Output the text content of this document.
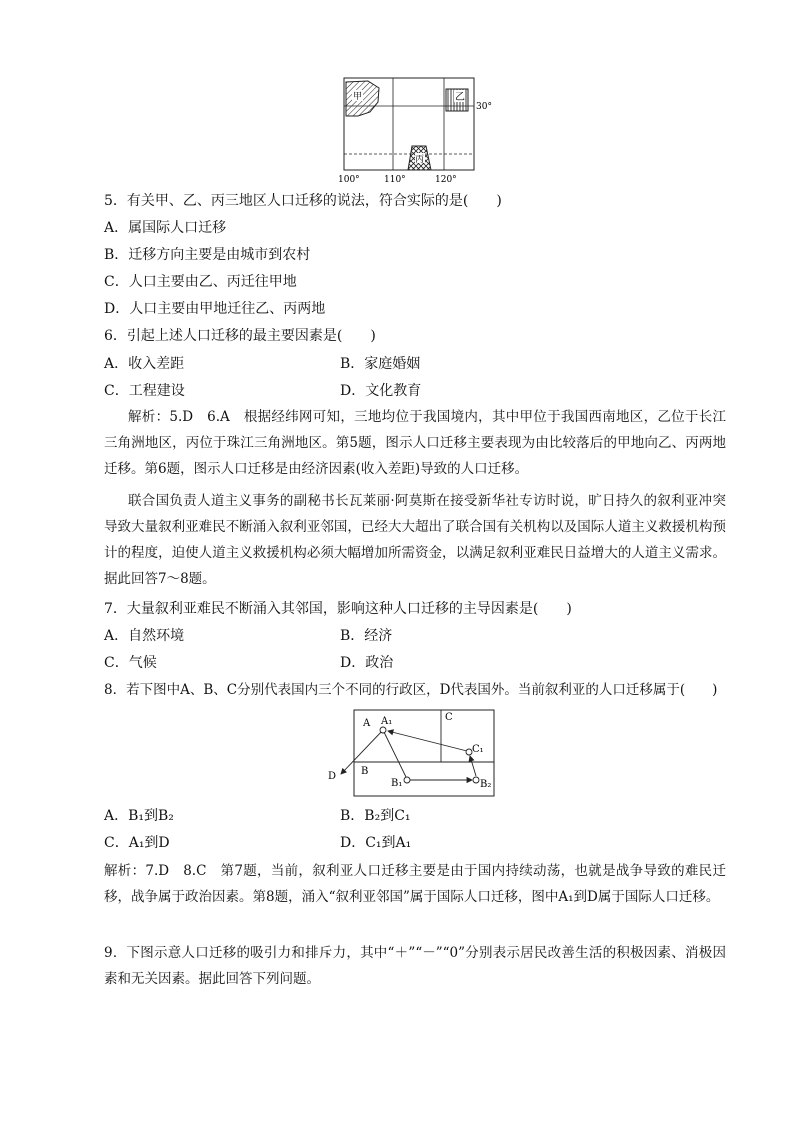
甲	乙
30°
丙
100°	110°	120°
5．有关甲、乙、丙三地区人口迁移的说法，符合实际的是(　　)
A．属国际人口迁移
B．迁移方向主要是由城市到农村
C．人口主要由乙、丙迁往甲地
D．人口主要由甲地迁往乙、丙两地
6．引起上述人口迁移的最主要因素是(　　)
A．收入差距	B．家庭婚姻
C．工程建设	D．文化教育
解析：5.D　6.A　根据经纬网可知，三地均位于我国境内，其中甲位于我国西南地区，乙位于长江三角洲地区，丙位于珠江三角洲地区。第5题，图示人口迁移主要表现为由比较落后的甲地向乙、丙两地迁移。第6题，图示人口迁移是由经济因素(收入差距)导致的人口迁移。
联合国负责人道主义事务的副秘书长瓦莱丽·阿莫斯在接受新华社专访时说，旷日持久的叙利亚冲突导致大量叙利亚难民不断涌入叙利亚邻国，已经大大超出了联合国有关机构以及国际人道主义救援机构预计的程度，迫使人道主义救援机构必须大幅增加所需资金，以满足叙利亚难民日益增大的人道主义需求。据此回答7～8题。
7．大量叙利亚难民不断涌入其邻国，影响这种人口迁移的主导因素是(　　)
A．自然环境	B．经济
C．气候	D．政治
8．若下图中A、B、C分别代表国内三个不同的行政区，D代表国外。当前叙利亚的人口迁移属于(　　)
A A₁	C
C₁
B
B₁	B₂
D
A．B₁到B₂	B．B₂到C₁
C．A₁到D	D．C₁到A₁
解析：7.D　8.C　第7题，当前，叙利亚人口迁移主要是由于国内持续动荡，也就是战争导致的难民迁移，战争属于政治因素。第8题，涌入“叙利亚邻国”属于国际人口迁移，图中A₁到D属于国际人口迁移。
9．下图示意人口迁移的吸引力和排斥力，其中“＋”“－”“0”分别表示居民改善生活的积极因素、消极因素和无关因素。据此回答下列问题。
